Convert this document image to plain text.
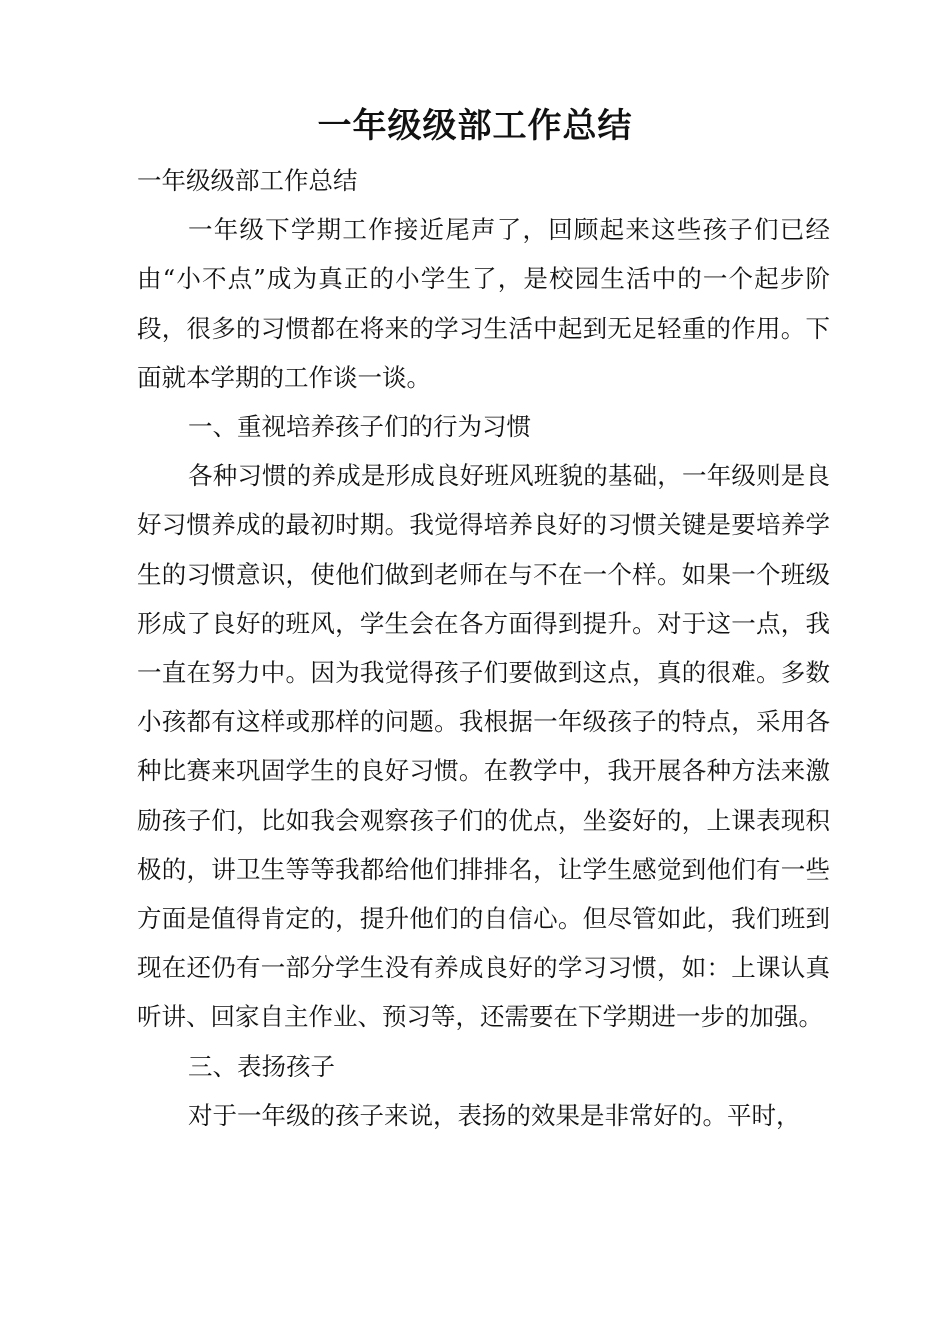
一年级级部工作总结

一年级级部工作总结

一年级下学期工作接近尾声了，回顾起来这些孩子们已经由“小不点”成为真正的小学生了，是校园生活中的一个起步阶段，很多的习惯都在将来的学习生活中起到无足轻重的作用。下面就本学期的工作谈一谈。

一、重视培养孩子们的行为习惯

各种习惯的养成是形成良好班风班貌的基础，一年级则是良好习惯养成的最初时期。我觉得培养良好的习惯关键是要培养学生的习惯意识，使他们做到老师在与不在一个样。如果一个班级形成了良好的班风，学生会在各方面得到提升。对于这一点，我一直在努力中。因为我觉得孩子们要做到这点，真的很难。多数小孩都有这样或那样的问题。我根据一年级孩子的特点，采用各种比赛来巩固学生的良好习惯。在教学中，我开展各种方法来激励孩子们，比如我会观察孩子们的优点，坐姿好的，上课表现积极的，讲卫生等等我都给他们排排名，让学生感觉到他们有一些方面是值得肯定的，提升他们的自信心。但尽管如此，我们班到现在还仍有一部分学生没有养成良好的学习习惯，如：上课认真听讲、回家自主作业、预习等，还需要在下学期进一步的加强。

三、表扬孩子

对于一年级的孩子来说，表扬的效果是非常好的。平时，
